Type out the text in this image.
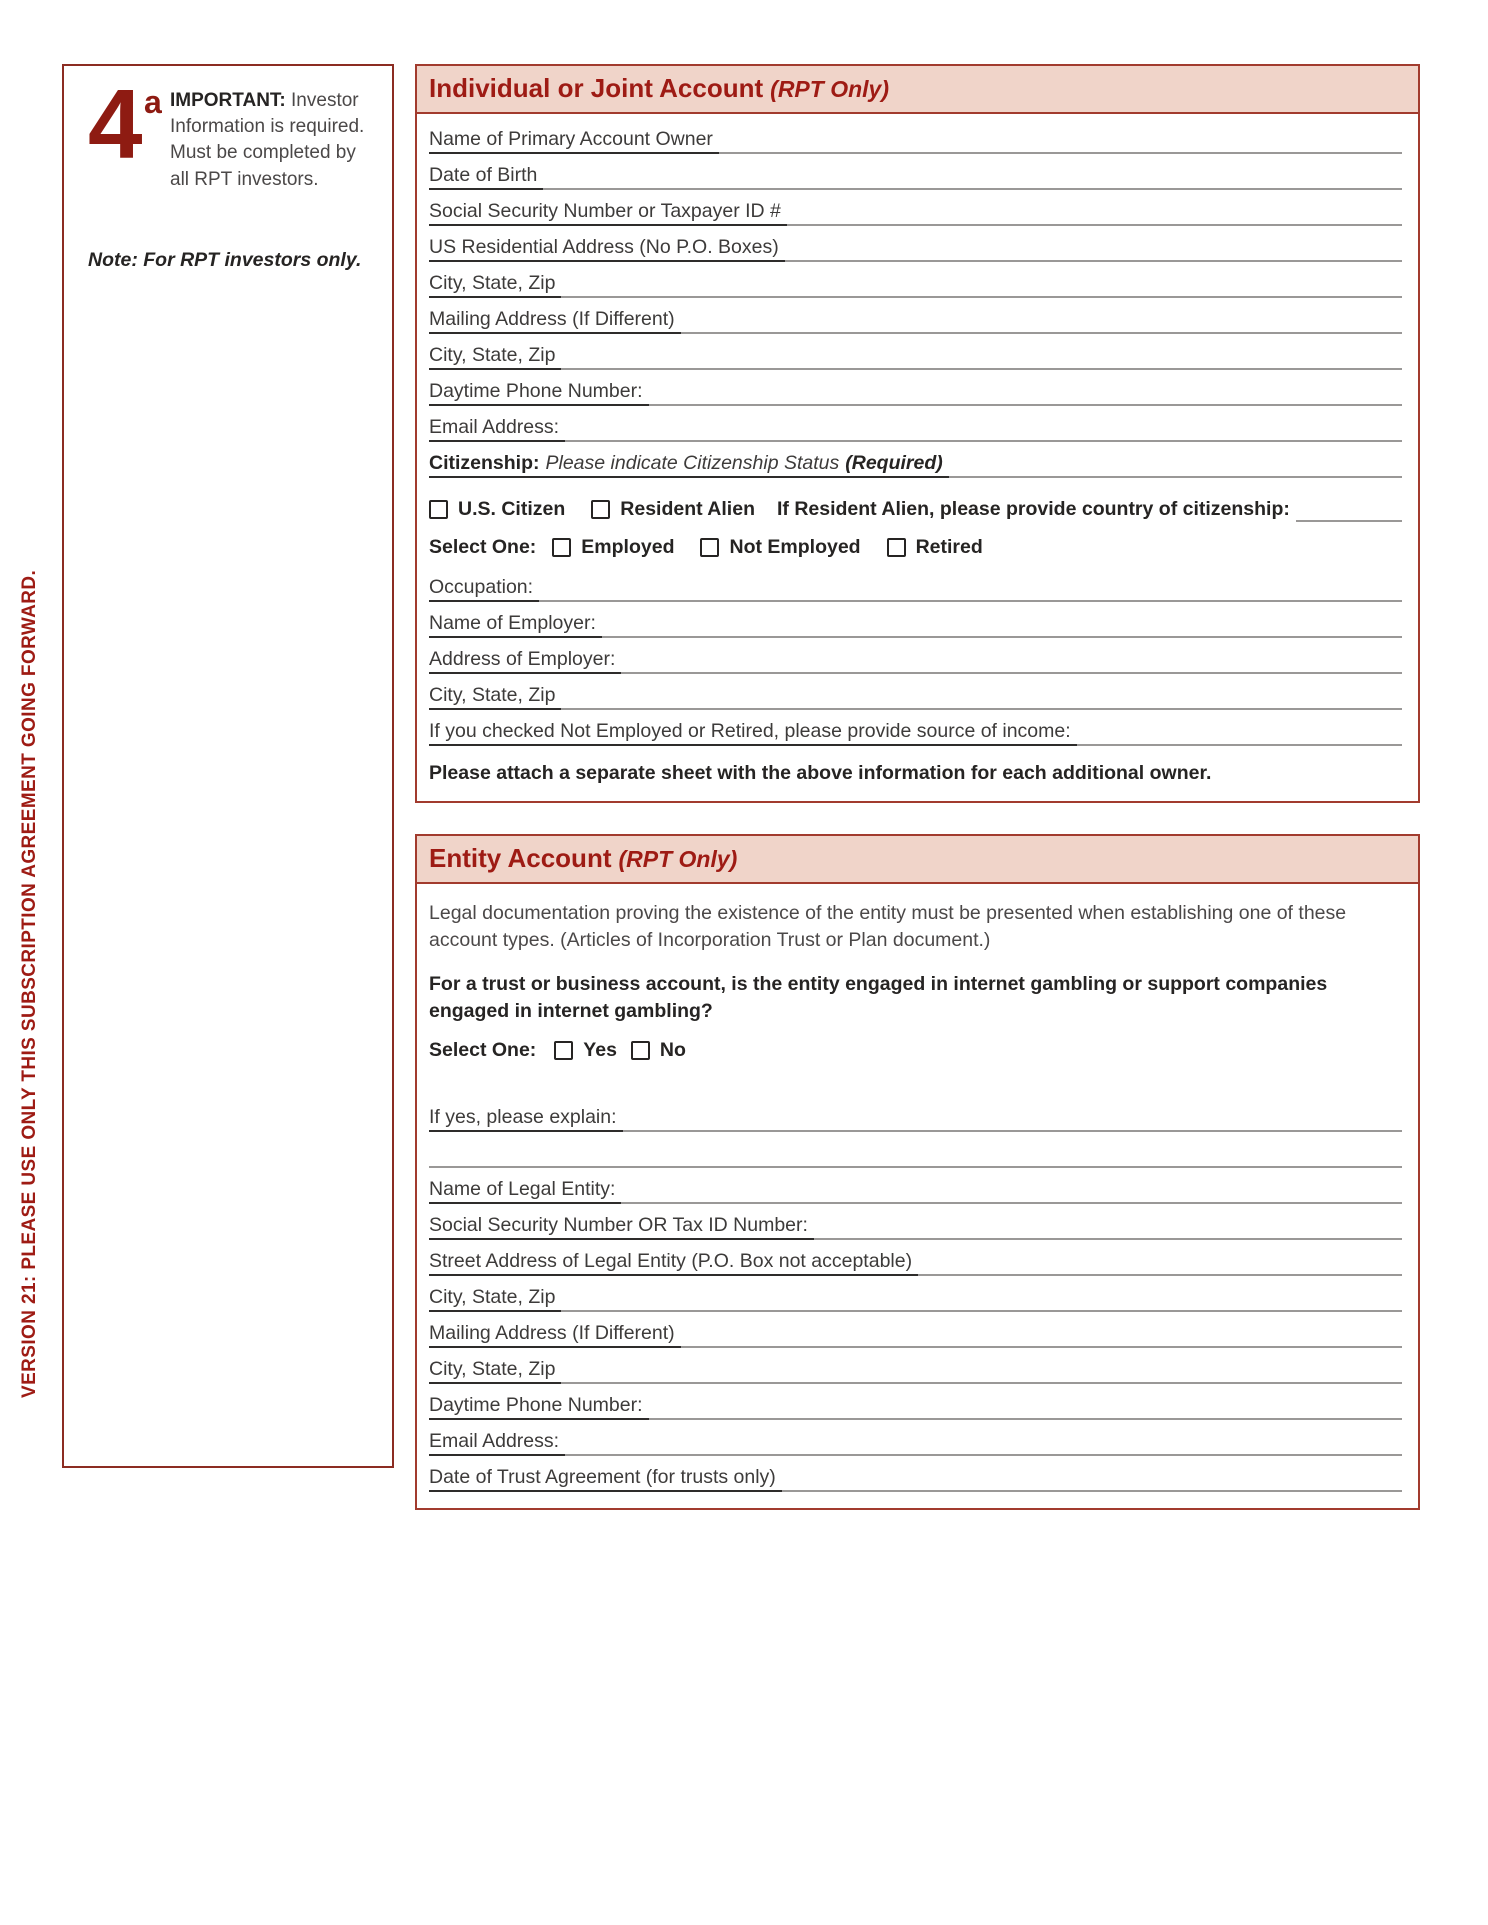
VERSION 21: PLEASE USE ONLY THIS SUBSCRIPTION AGREEMENT GOING FORWARD.
4 a IMPORTANT: Investor Information is required. Must be completed by all RPT investors.
Note: For RPT investors only.
Individual or Joint Account (RPT Only)
Name of Primary Account Owner
Date of Birth
Social Security Number or Taxpayer ID #
US Residential Address (No P.O. Boxes)
City, State, Zip
Mailing Address (If Different)
City, State, Zip
Daytime Phone Number:
Email Address:
Citizenship: Please indicate Citizenship Status (Required)
U.S. Citizen	Resident Alien If Resident Alien, please provide country of citizenship:
Select One: Employed	Not Employed	Retired
Occupation:
Name of Employer:
Address of Employer:
City, State, Zip
If you checked Not Employed or Retired, please provide source of income:
Please attach a separate sheet with the above information for each additional owner.
Entity Account (RPT Only)

Legal documentation proving the existence of the entity must be presented when establishing one of these account types. (Articles of Incorporation Trust or Plan document.)

For a trust or business account, is the entity engaged in internet gambling or support companies engaged in internet gambling?

Select One: Yes No
If yes, please explain:
Name of Legal Entity:
Social Security Number OR Tax ID Number:
Street Address of Legal Entity (P.O. Box not acceptable)
City, State, Zip
Mailing Address (If Different)
City, State, Zip
Daytime Phone Number:
Email Address:
Date of Trust Agreement (for trusts only)
